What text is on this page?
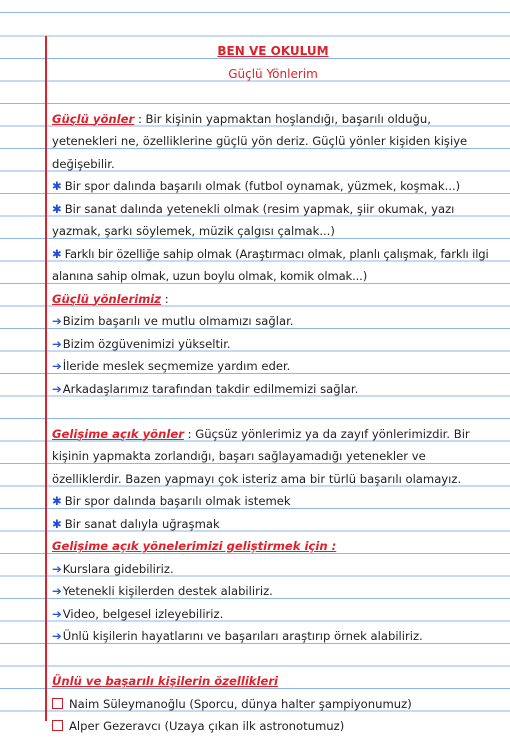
BEN VE OKULUM

Güçlü Yönlerim

Güçlü yönler : Bir kişinin yapmaktan hoşlandığı, başarılı olduğu, yetenekleri ne, özelliklerine güçlü yön deriz. Güçlü yönler kişiden kişiye değişebilir.

✱ Bir spor dalında başarılı olmak (futbol oynamak, yüzmek, koşmak...)

✱ Bir sanat dalında yetenekli olmak (resim yapmak, şiir okumak, yazı yazmak, şarkı söylemek, müzik çalgısı çalmak...)

✱ Farklı bir özelliğe sahip olmak (Araştırmacı olmak, planlı çalışmak, farklı ilgi alanına sahip olmak, uzun boylu olmak, komik olmak...)

Güçlü yönlerimiz :

➔Bizim başarılı ve mutlu olmamızı sağlar.

➔Bizim özgüvenimizi yükseltir.

➔İleride meslek seçmemize yardım eder.

➔Arkadaşlarımız tarafından takdir edilmemizi sağlar.

Gelişime açık yönler : Güçsüz yönlerimiz ya da zayıf yönlerimizdir. Bir kişinin yapmakta zorlandığı, başarı sağlayamadığı yetenekler ve özelliklerdir. Bazen yapmayı çok isteriz ama bir türlü başarılı olamayız.

✱ Bir spor dalında başarılı olmak istemek

✱ Bir sanat dalıyla uğraşmak

Gelişime açık yönelerimizi geliştirmek için :

➔Kurslara gidebiliriz.

➔Yetenekli kişilerden destek alabiliriz.

➔Video, belgesel izleyebiliriz.

➔Ünlü kişilerin hayatlarını ve başarıları araştırıp örnek alabiliriz.

Ünlü ve başarılı kişilerin özellikleri

Naim Süleymanoğlu (Sporcu, dünya halter şampiyonumuz)

Alper Gezeravcı (Uzaya çıkan ilk astronotumuz)
